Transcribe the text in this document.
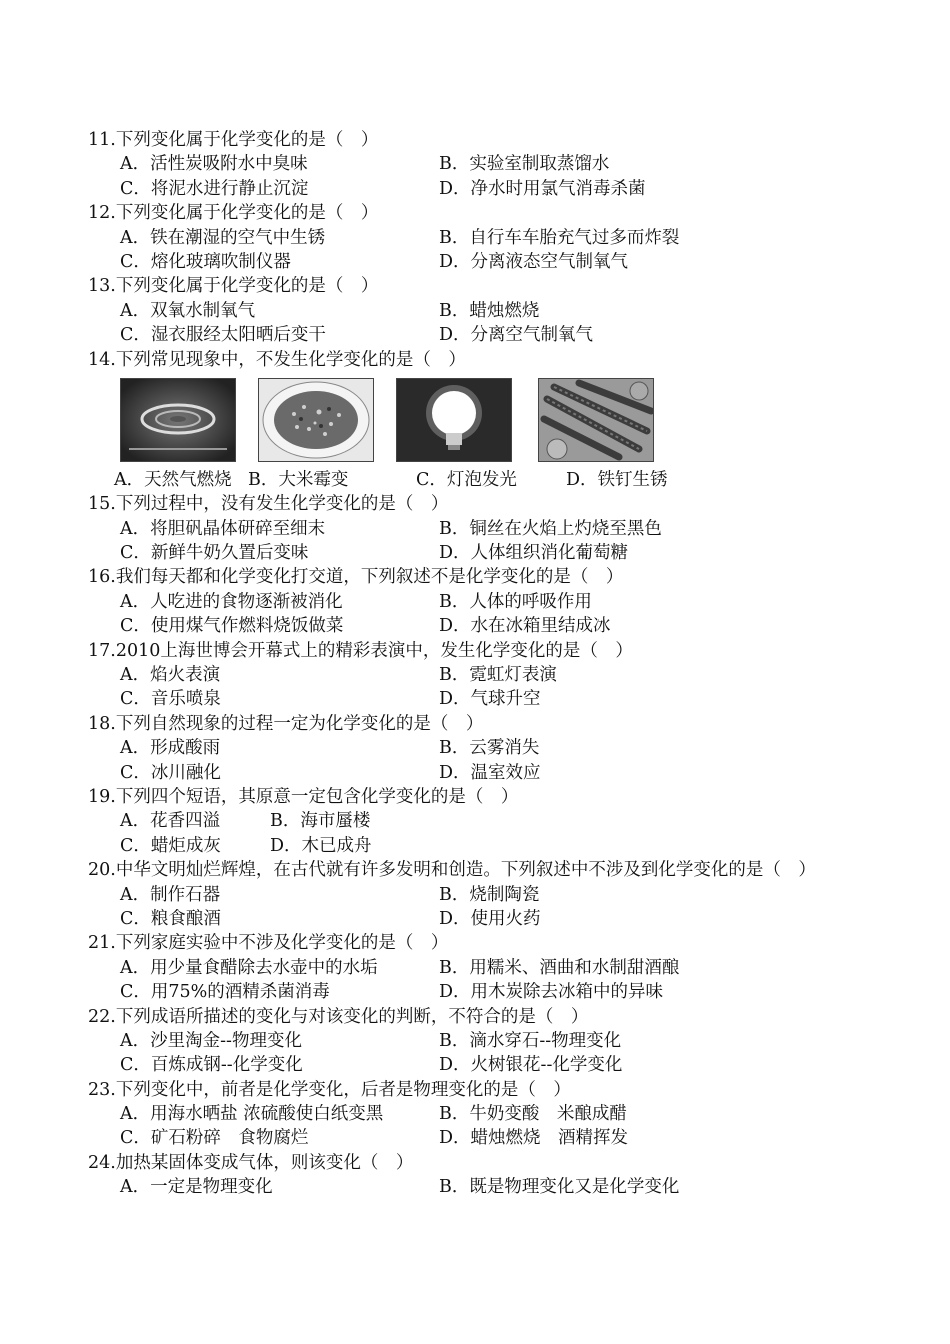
11.下列变化属于化学变化的是（　）
A．活性炭吸附水中臭味	B．实验室制取蒸馏水
C．将泥水进行静止沉淀	D．净水时用氯气消毒杀菌
12.下列变化属于化学变化的是（　）
A．铁在潮湿的空气中生锈	B．自行车车胎充气过多而炸裂
C．熔化玻璃吹制仪器	D．分离液态空气制氧气
13.下列变化属于化学变化的是（　）
A．双氧水制氧气	B．蜡烛燃烧
C．湿衣服经太阳晒后变干	D．分离空气制氧气
14.下列常见现象中，不发生化学变化的是（　）
A．天然气燃烧 B．大米霉变	C．灯泡发光	D．铁钉生锈
15.下列过程中，没有发生化学变化的是（　）
A．将胆矾晶体研碎至细末	B．铜丝在火焰上灼烧至黑色
C．新鲜牛奶久置后变味	D．人体组织消化葡萄糖
16.我们每天都和化学变化打交道，下列叙述不是化学变化的是（　）
A．人吃进的食物逐渐被消化	B．人体的呼吸作用
C．使用煤气作燃料烧饭做菜	D．水在冰箱里结成冰
17.2010上海世博会开幕式上的精彩表演中，发生化学变化的是（　）
A．焰火表演	B．霓虹灯表演
C．音乐喷泉	D．气球升空
18.下列自然现象的过程一定为化学变化的是（　）
A．形成酸雨	B．云雾消失
C．冰川融化	D．温室效应
19.下列四个短语，其原意一定包含化学变化的是（　）
A．花香四溢	B．海市蜃楼
C．蜡炬成灰	D．木已成舟
20.中华文明灿烂辉煌，在古代就有许多发明和创造。下列叙述中不涉及到化学变化的是（　）
A．制作石器	B．烧制陶瓷
C．粮食酿酒	D．使用火药
21.下列家庭实验中不涉及化学变化的是（　）
A．用少量食醋除去水壶中的水垢	B．用糯米、酒曲和水制甜酒酿
C．用75%的酒精杀菌消毒	D．用木炭除去冰箱中的异味
22.下列成语所描述的变化与对该变化的判断，不符合的是（　）
A．沙里淘金--物理变化	B．滴水穿石--物理变化
C．百炼成钢--化学变化	D．火树银花--化学变化
23.下列变化中，前者是化学变化，后者是物理变化的是（　）
A．用海水晒盐 浓硫酸使白纸变黑	B．牛奶变酸　米酿成醋
C．矿石粉碎　食物腐烂	D．蜡烛燃烧　酒精挥发
24.加热某固体变成气体，则该变化（　）
A．一定是物理变化	B．既是物理变化又是化学变化
